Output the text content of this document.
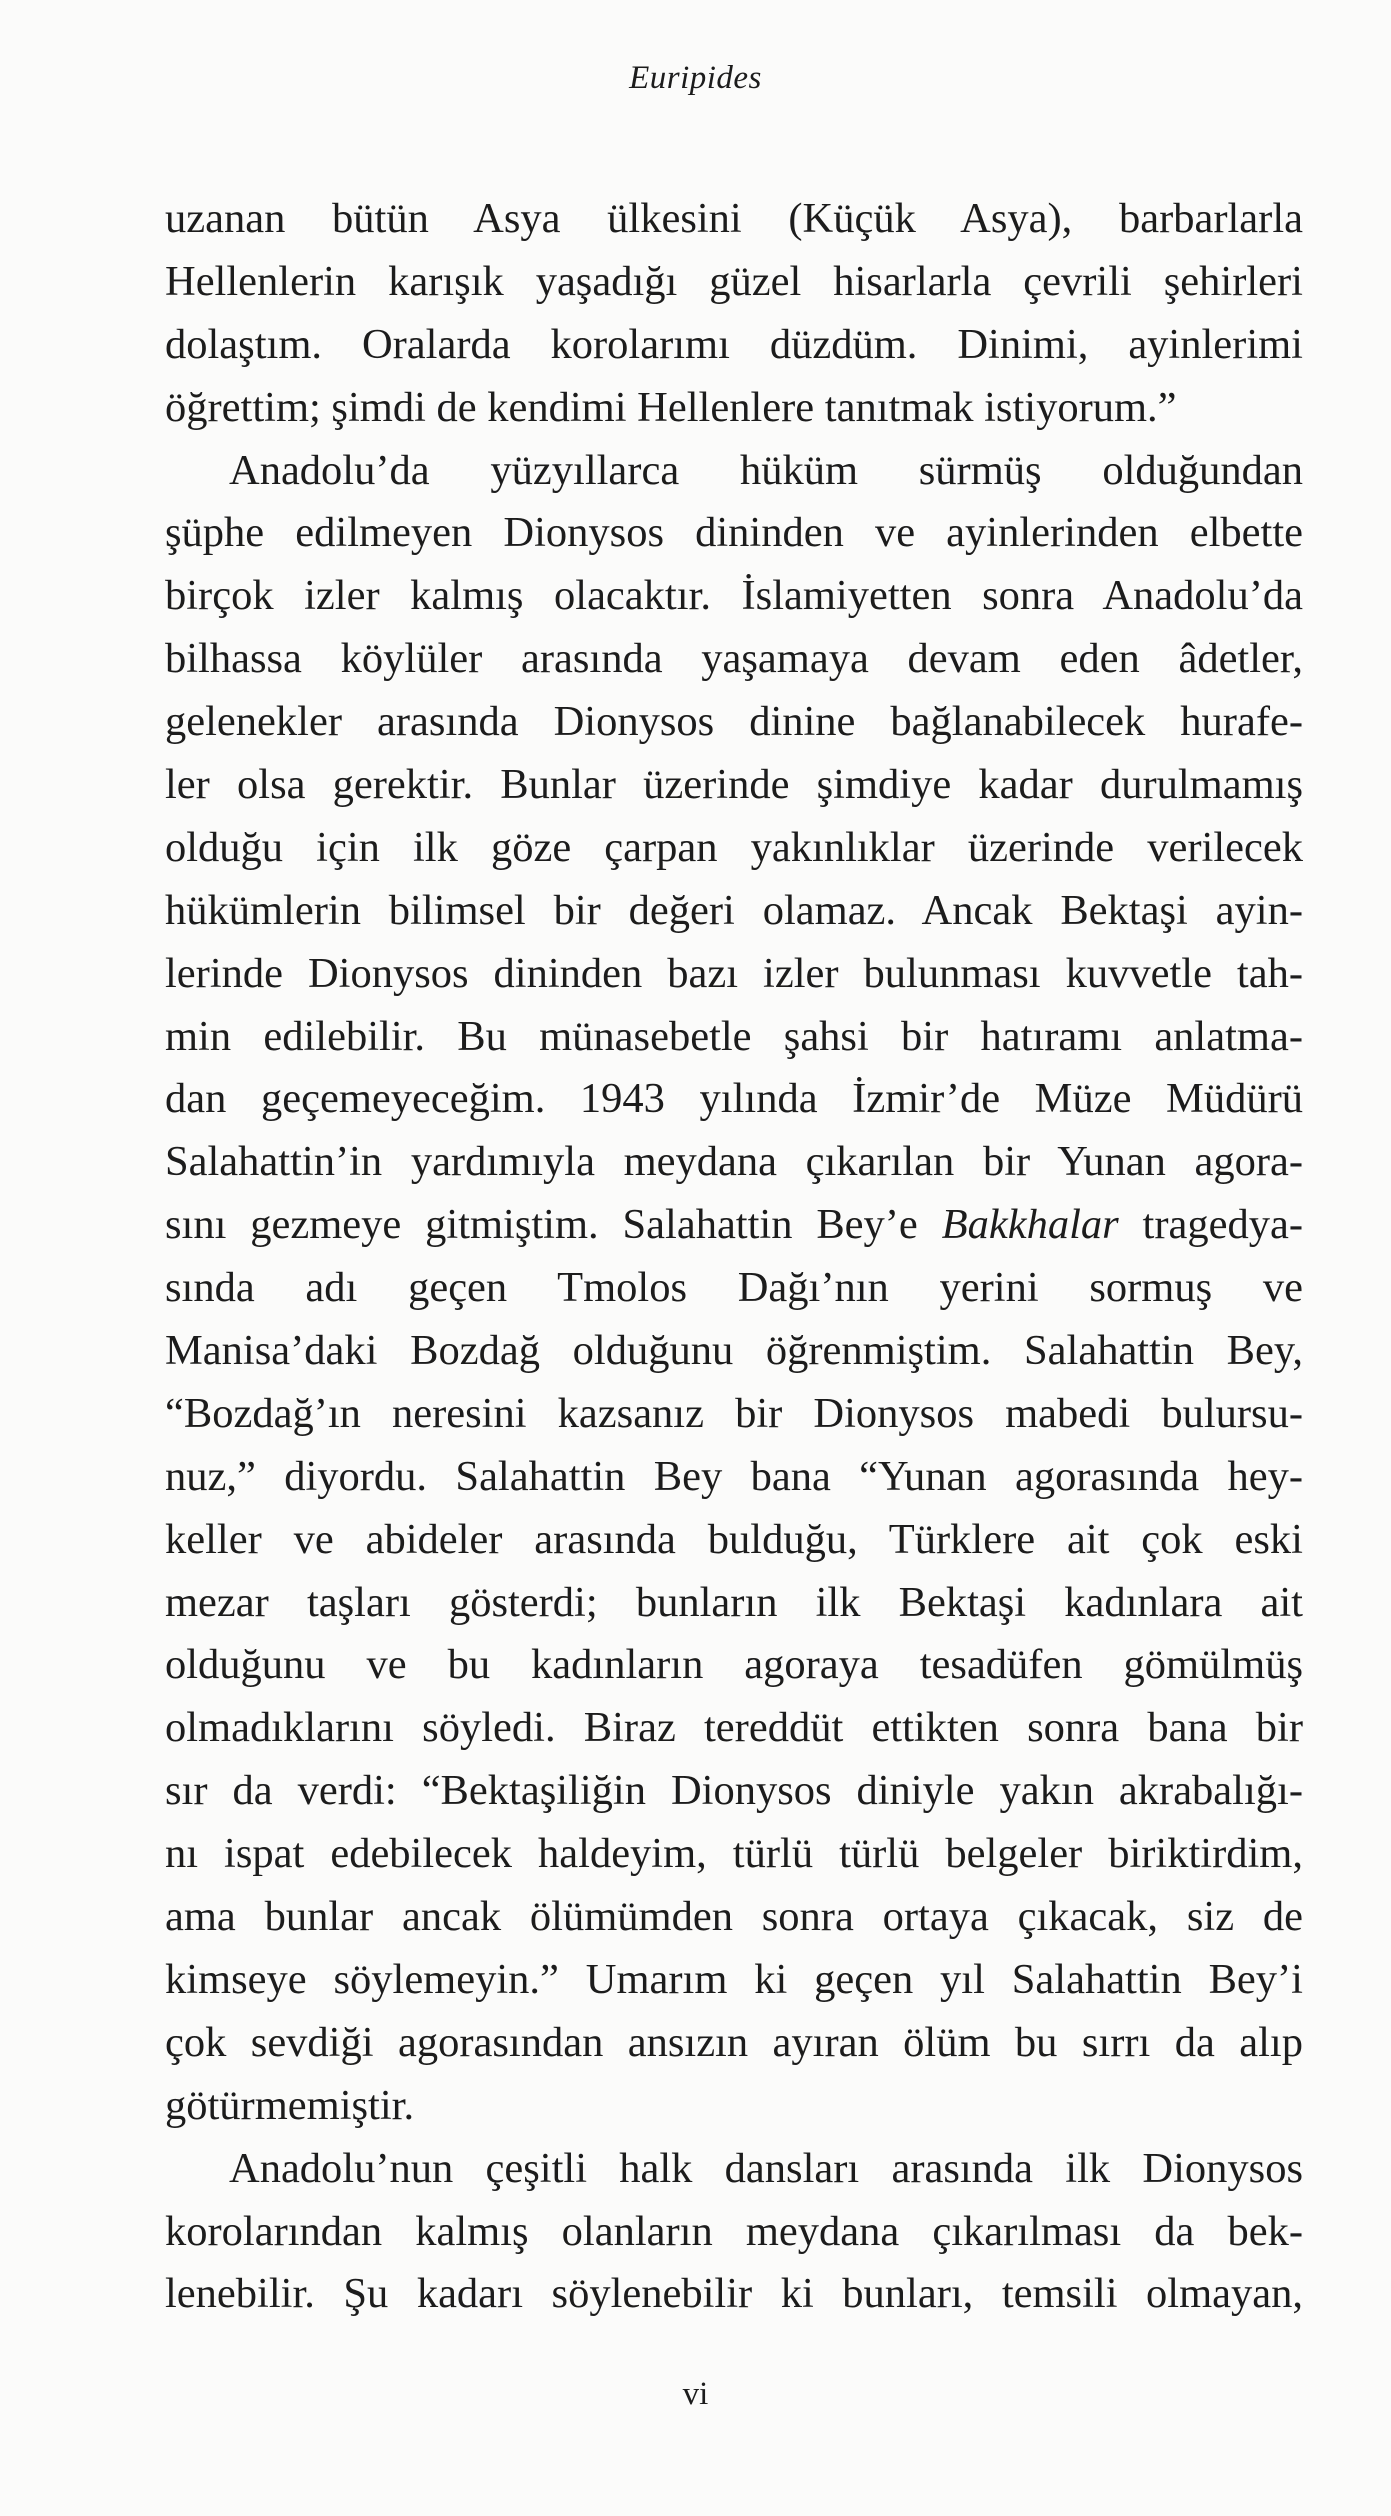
Euripides
uzanan bütün Asya ülkesini (Küçük Asya), barbarlarla
Hellenlerin karışık yaşadığı güzel hisarlarla çevrili şehirleri
dolaştım. Oralarda korolarımı düzdüm. Dinimi, ayinlerimi
öğrettim; şimdi de kendimi Hellenlere tanıtmak istiyorum.”
Anadolu’da yüzyıllarca hüküm sürmüş olduğundan
şüphe edilmeyen Dionysos dininden ve ayinlerinden elbette
birçok izler kalmış olacaktır. İslamiyetten sonra Anadolu’da
bilhassa köylüler arasında yaşamaya devam eden âdetler,
gelenekler arasında Dionysos dinine bağlanabilecek hurafe-
ler olsa gerektir. Bunlar üzerinde şimdiye kadar durulmamış
olduğu için ilk göze çarpan yakınlıklar üzerinde verilecek
hükümlerin bilimsel bir değeri olamaz. Ancak Bektaşi ayin-
lerinde Dionysos dininden bazı izler bulunması kuvvetle tah-
min edilebilir. Bu münasebetle şahsi bir hatıramı anlatma-
dan geçemeyeceğim. 1943 yılında İzmir’de Müze Müdürü
Salahattin’in yardımıyla meydana çıkarılan bir Yunan agora-
sını gezmeye gitmiştim. Salahattin Bey’e Bakkhalar tragedya-
sında adı geçen Tmolos Dağı’nın yerini sormuş ve
Manisa’daki Bozdağ olduğunu öğrenmiştim. Salahattin Bey,
“Bozdağ’ın neresini kazsanız bir Dionysos mabedi bulursu-
nuz,” diyordu. Salahattin Bey bana “Yunan agorasında hey-
keller ve abideler arasında bulduğu, Türklere ait çok eski
mezar taşları gösterdi; bunların ilk Bektaşi kadınlara ait
olduğunu ve bu kadınların agoraya tesadüfen gömülmüş
olmadıklarını söyledi. Biraz tereddüt ettikten sonra bana bir
sır da verdi: “Bektaşiliğin Dionysos diniyle yakın akrabalığı-
nı ispat edebilecek haldeyim, türlü türlü belgeler biriktirdim,
ama bunlar ancak ölümümden sonra ortaya çıkacak, siz de
kimseye söylemeyin.” Umarım ki geçen yıl Salahattin Bey’i
çok sevdiği agorasından ansızın ayıran ölüm bu sırrı da alıp
götürmemiştir.
Anadolu’nun çeşitli halk dansları arasında ilk Dionysos
korolarından kalmış olanların meydana çıkarılması da bek-
lenebilir. Şu kadarı söylenebilir ki bunları, temsili olmayan,
vi
